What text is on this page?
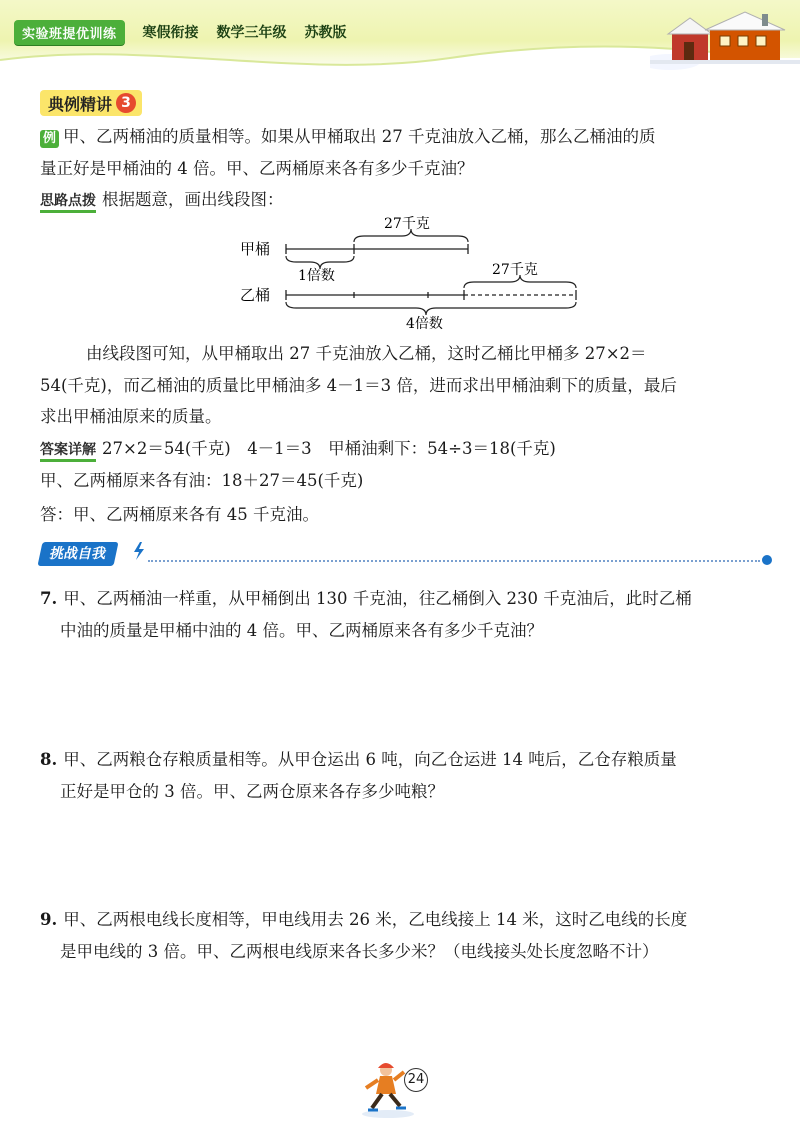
实验班提优训练	寒假衔接 数学三年级 苏教版
典例精讲 3
例 甲、乙两桶油的质量相等。如果从甲桶取出 27 千克油放入乙桶，那么乙桶油的质
量正好是甲桶油的 4 倍。甲、乙两桶原来各有多少千克油？
思路点拨 根据题意，画出线段图：
甲桶
27千克
1倍数
乙桶
27千克
4倍数
由线段图可知，从甲桶取出 27 千克油放入乙桶，这时乙桶比甲桶多 27×2＝
54(千克)，而乙桶油的质量比甲桶油多 4－1＝3 倍，进而求出甲桶油剩下的质量，最后
求出甲桶油原来的质量。
答案详解 27×2＝54(千克)　4－1＝3　甲桶油剩下：54÷3＝18(千克)
甲、乙两桶原来各有油：18＋27＝45(千克)
答：甲、乙两桶原来各有 45 千克油。
挑战自我
7. 甲、乙两桶油一样重，从甲桶倒出 130 千克油，往乙桶倒入 230 千克油后，此时乙桶
中油的质量是甲桶中油的 4 倍。甲、乙两桶原来各有多少千克油？
8. 甲、乙两粮仓存粮质量相等。从甲仓运出 6 吨，向乙仓运进 14 吨后，乙仓存粮质量
正好是甲仓的 3 倍。甲、乙两仓原来各存多少吨粮？
9. 甲、乙两根电线长度相等，甲电线用去 26 米，乙电线接上 14 米，这时乙电线的长度
是甲电线的 3 倍。甲、乙两根电线原来各长多少米？（电线接头处长度忽略不计）
24
